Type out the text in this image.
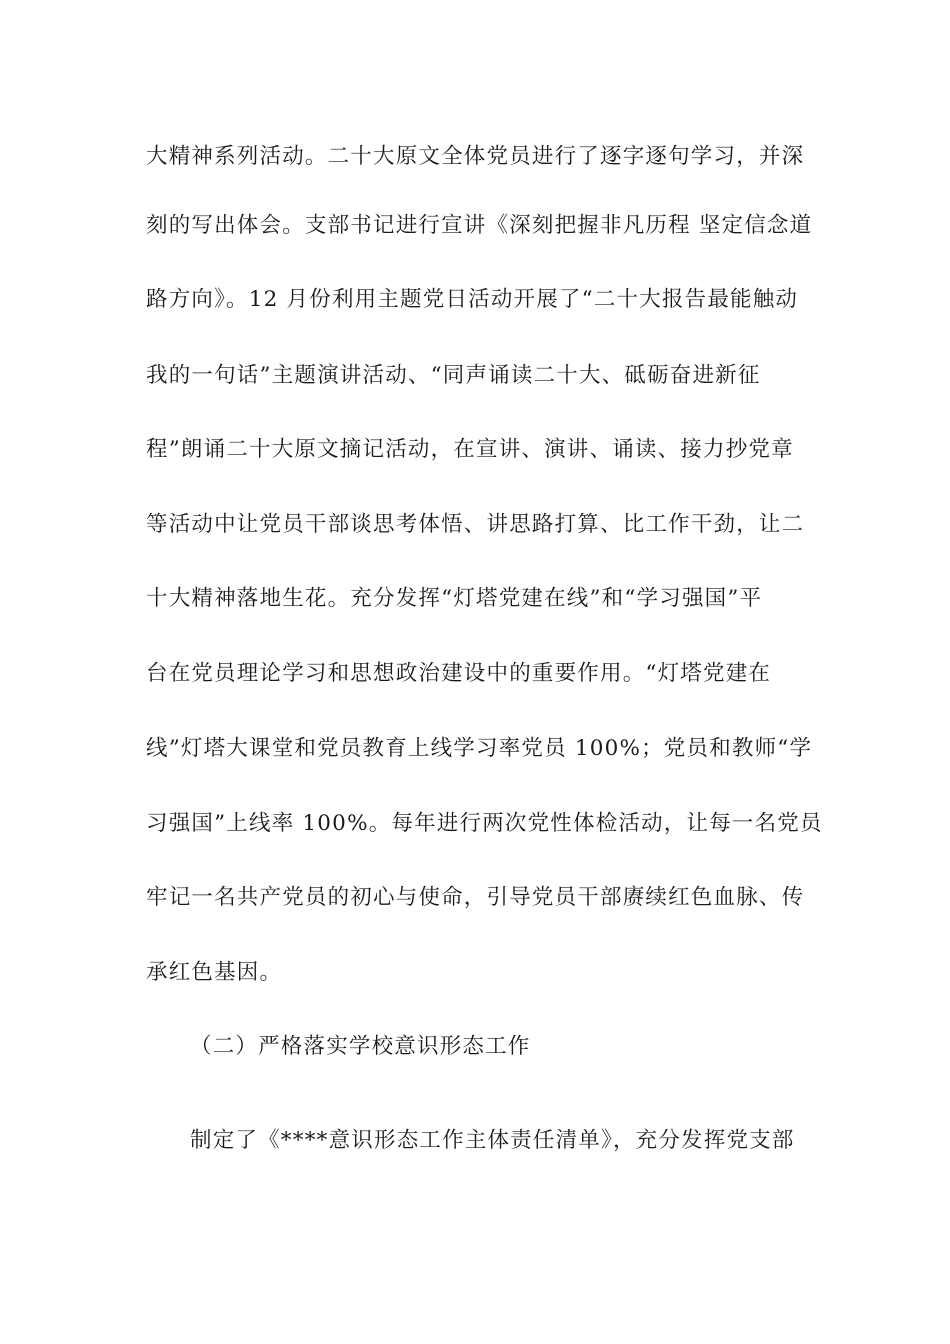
大精神系列活动。二十大原文全体党员进行了逐字逐句学习，并深
刻的写出体会。支部书记进行宣讲《深刻把握非凡历程 坚定信念道
路方向》。12 月份利用主题党日活动开展了“二十大报告最能触动
我的一句话”主题演讲活动、“同声诵读二十大、砥砺奋进新征
程”朗诵二十大原文摘记活动，在宣讲、演讲、诵读、接力抄党章
等活动中让党员干部谈思考体悟、讲思路打算、比工作干劲，让二
十大精神落地生花。充分发挥“灯塔党建在线”和“学习强国”平
台在党员理论学习和思想政治建设中的重要作用。“灯塔党建在
线”灯塔大课堂和党员教育上线学习率党员 100%；党员和教师“学
习强国”上线率 100%。每年进行两次党性体检活动，让每一名党员
牢记一名共产党员的初心与使命，引导党员干部赓续红色血脉、传
承红色基因。
（二）严格落实学校意识形态工作
制定了《****意识形态工作主体责任清单》，充分发挥党支部
